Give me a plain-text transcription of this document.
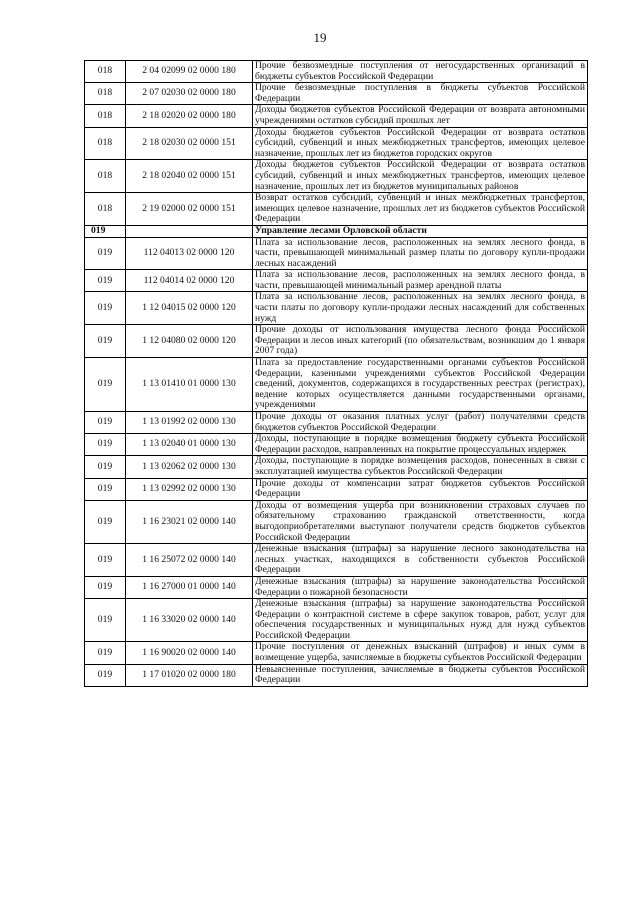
19
018	2 04 02099 02 0000 180	Прочие безвозмездные поступления от негосударственных организаций в бюджеты субъектов Российской Федерации
018	2 07 02030 02 0000 180	Прочие безвозмездные поступления в бюджеты субъектов Российской Федерации
018	2 18 02020 02 0000 180	Доходы бюджетов субъектов Российской Федерации от возврата автономными учреждениями остатков субсидий прошлых лет
018	2 18 02030 02 0000 151	Доходы бюджетов субъектов Российской Федерации от возврата остатков субсидий, субвенций и иных межбюджетных трансфертов, имеющих целевое назначение, прошлых лет из бюджетов городских округов
018	2 18 02040 02 0000 151	Доходы бюджетов субъектов Российской Федерации от возврата остатков субсидий, субвенций и иных межбюджетных трансфертов, имеющих целевое назначение, прошлых лет из бюджетов муниципальных районов
018	2 19 02000 02 0000 151	Возврат остатков субсидий, субвенций и иных межбюджетных трансфертов, имеющих целевое назначение, прошлых лет из бюджетов субъектов Российской Федерации
019		Управление лесами Орловской области
019	112 04013 02 0000 120	Плата за использование лесов, расположенных на землях лесного фонда, в части, превышающей минимальный размер платы по договору купли-продажи лесных насаждений
019	112 04014 02 0000 120	Плата за использование лесов, расположенных на землях лесного фонда, в части, превышающей минимальный размер арендной платы
019	1 12 04015 02 0000 120	Плата за использование лесов, расположенных на землях лесного фонда, в части платы по договору купли-продажи лесных насаждений для собственных нужд
019	1 12 04080 02 0000 120	Прочие доходы от использования имущества лесного фонда Российской Федерации и лесов иных категорий (по обязательствам, возникшим до 1 января 2007 года)
019	1 13 01410 01 0000 130	Плата за предоставление государственными органами субъектов Российской Федерации, казенными учреждениями субъектов Российской Федерации сведений, документов, содержащихся в государственных реестрах (регистрах), ведение которых осуществляется данными государственными органами, учреждениями
019	1 13 01992 02 0000 130	Прочие доходы от оказания платных услуг (работ) получателями средств бюджетов субъектов Российской Федерации
019	1 13 02040 01 0000 130	Доходы, поступающие в порядке возмещения бюджету субъекта Российской Федерации расходов, направленных на покрытие процессуальных издержек
019	1 13 02062 02 0000 130	Доходы, поступающие в порядке возмещения расходов, понесенных в связи с эксплуатацией имущества субъектов Российской Федерации
019	1 13 02992 02 0000 130	Прочие доходы от компенсации затрат бюджетов субъектов Российской Федерации
019	1 16 23021 02 0000 140	Доходы от возмещения ущерба при возникновении страховых случаев по обязательному страхованию гражданской ответственности, когда выгодоприобретателями выступают получатели средств бюджетов субъектов Российской Федерации
019	1 16 25072 02 0000 140	Денежные взыскания (штрафы) за нарушение лесного законодательства на лесных участках, находящихся в собственности субъектов Российской Федерации
019	1 16 27000 01 0000 140	Денежные взыскания (штрафы) за нарушение законодательства Российской Федерации о пожарной безопасности
019	1 16 33020 02 0000 140	Денежные взыскания (штрафы) за нарушение законодательства Российской Федерации о контрактной системе в сфере закупок товаров, работ, услуг для обеспечения государственных и муниципальных нужд для нужд субъектов Российской Федерации
019	1 16 90020 02 0000 140	Прочие поступления от денежных взысканий (штрафов) и иных сумм в возмещение ущерба, зачисляемые в бюджеты субъектов Российской Федерации
019	1 17 01020 02 0000 180	Невыясненные поступления, зачисляемые в бюджеты субъектов Российской Федерации
